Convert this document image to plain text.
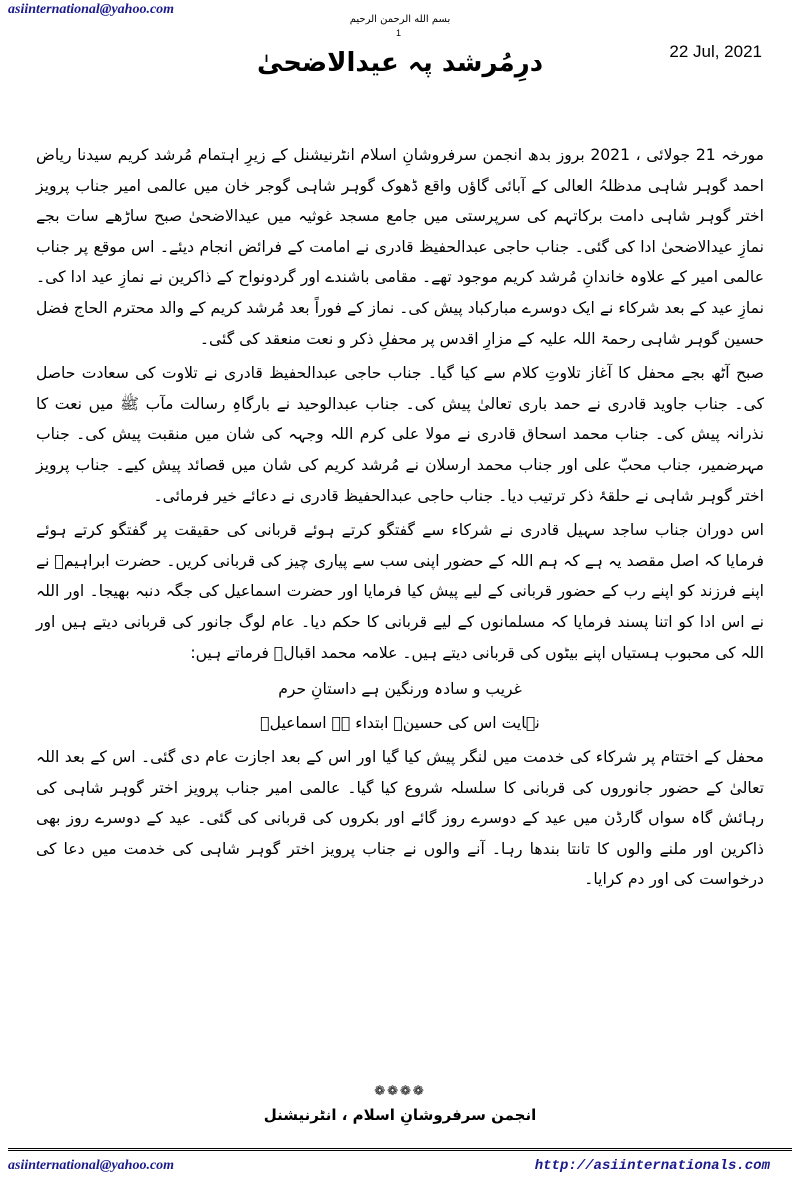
asiinternational@yahoo.com
بسم الله الرحمن الرحیم
1
22 Jul, 2021
درِمُرشد پہ عیدالاضحیٰ

مورخہ 21 جولائی ، 2021 بروز بدھ انجمن سرفروشانِ اسلام انٹرنیشنل کے زیرِ اہتمام مُرشد کریم سیدنا ریاض احمد گوہر شاہی مدظلہُ العالی کے آبائی گاؤں واقع ڈھوک گوہر شاہی گوجر خان میں عالمی امیر جناب پرویز اختر گوہر شاہی دامت برکاتہم کی سرپرستی میں جامع مسجد غوثیہ میں عیدالاضحیٰ صبح ساڑھے سات بجے نمازِ عیدالاضحیٰ ادا کی گئی۔ جناب حاجی عبدالحفیظ قادری نے امامت کے فرائض انجام دیئے۔ اس موقع پر جناب عالمی امیر کے علاوہ خاندانِ مُرشد کریم موجود تھے۔ مقامی باشندے اور گردونواح کے ذاکرین نے نمازِ عید ادا کی۔ نمازِ عید کے بعد شرکاء نے ایک دوسرے مبارکباد پیش کی۔ نماز کے فوراً بعد مُرشد کریم کے والد محترم الحاج فضل حسین گوہر شاہی رحمۃ اللہ علیہ کے مزارِ اقدس پر محفلِ ذکر و نعت منعقد کی گئی۔

صبح آٹھ بجے محفل کا آغاز تلاوتِ کلام سے کیا گیا۔ جناب حاجی عبدالحفیظ قادری نے تلاوت کی سعادت حاصل کی۔ جناب جاوید قادری نے حمد باری تعالیٰ پیش کی۔ جناب عبدالوحید نے بارگاہِ رسالت مآب ﷺ میں نعت کا نذرانہ پیش کی۔ جناب محمد اسحاق قادری نے مولا علی کرم اللہ وجہہ کی شان میں منقبت پیش کی۔ جناب مہرضمیر، جناب محبّ علی اور جناب محمد ارسلان نے مُرشد کریم کی شان میں قصائد پیش کیے۔ جناب پرویز اختر گوہر شاہی نے حلقۂ ذکر ترتیب دیا۔ جناب حاجی عبدالحفیظ قادری نے دعائے خیر فرمائی۔

اس دوران جناب ساجد سہیل قادری نے شرکاء سے گفتگو کرتے ہوئے قربانی کی حقیقت پر گفتگو کرتے ہوئے فرمایا کہ اصل مقصد یہ ہے کہ ہم اللہ کے حضور اپنی سب سے پیاری چیز کی قربانی کریں۔ حضرت ابراہیمؑ نے اپنے فرزند کو اپنے رب کے حضور قربانی کے لیے پیش کیا فرمایا اور حضرت اسماعیل کی جگہ دنبہ بھیجا۔ اور اللہ نے اس ادا کو اتنا پسند فرمایا کہ مسلمانوں کے لیے قربانی کا حکم دیا۔ عام لوگ جانور کی قربانی دیتے ہیں اور اللہ کی محبوب ہستیاں اپنے بیٹوں کی قربانی دیتے ہیں۔ علامہ محمد اقبالؒ فرماتے ہیں:

غریب و سادہ ورنگین ہے داستانِ حرم
نہایت اس کی حسینؑ ابتداء ہے اسماعیلؑ

محفل کے اختتام پر شرکاء کی خدمت میں لنگر پیش کیا گیا اور اس کے بعد اجازت عام دی گئی۔ اس کے بعد اللہ تعالیٰ کے حضور جانوروں کی قربانی کا سلسلہ شروع کیا گیا۔ عالمی امیر جناب پرویز اختر گوہر شاہی کی رہائش گاہ سواں گارڈن میں عید کے دوسرے روز گائے اور بکروں کی قربانی کی گئی۔ عید کے دوسرے روز بھی ذاکرین اور ملنے والوں کا تانتا بندھا رہا۔ آنے والوں نے جناب پرویز اختر گوہر شاہی کی خدمت میں دعا کی درخواست کی اور دم کرایا۔

❁❁❁❁
انجمن سرفروشانِ اسلام ، انٹرنیشنل
asiinternational@yahoo.com	http://asiinternationals.com
